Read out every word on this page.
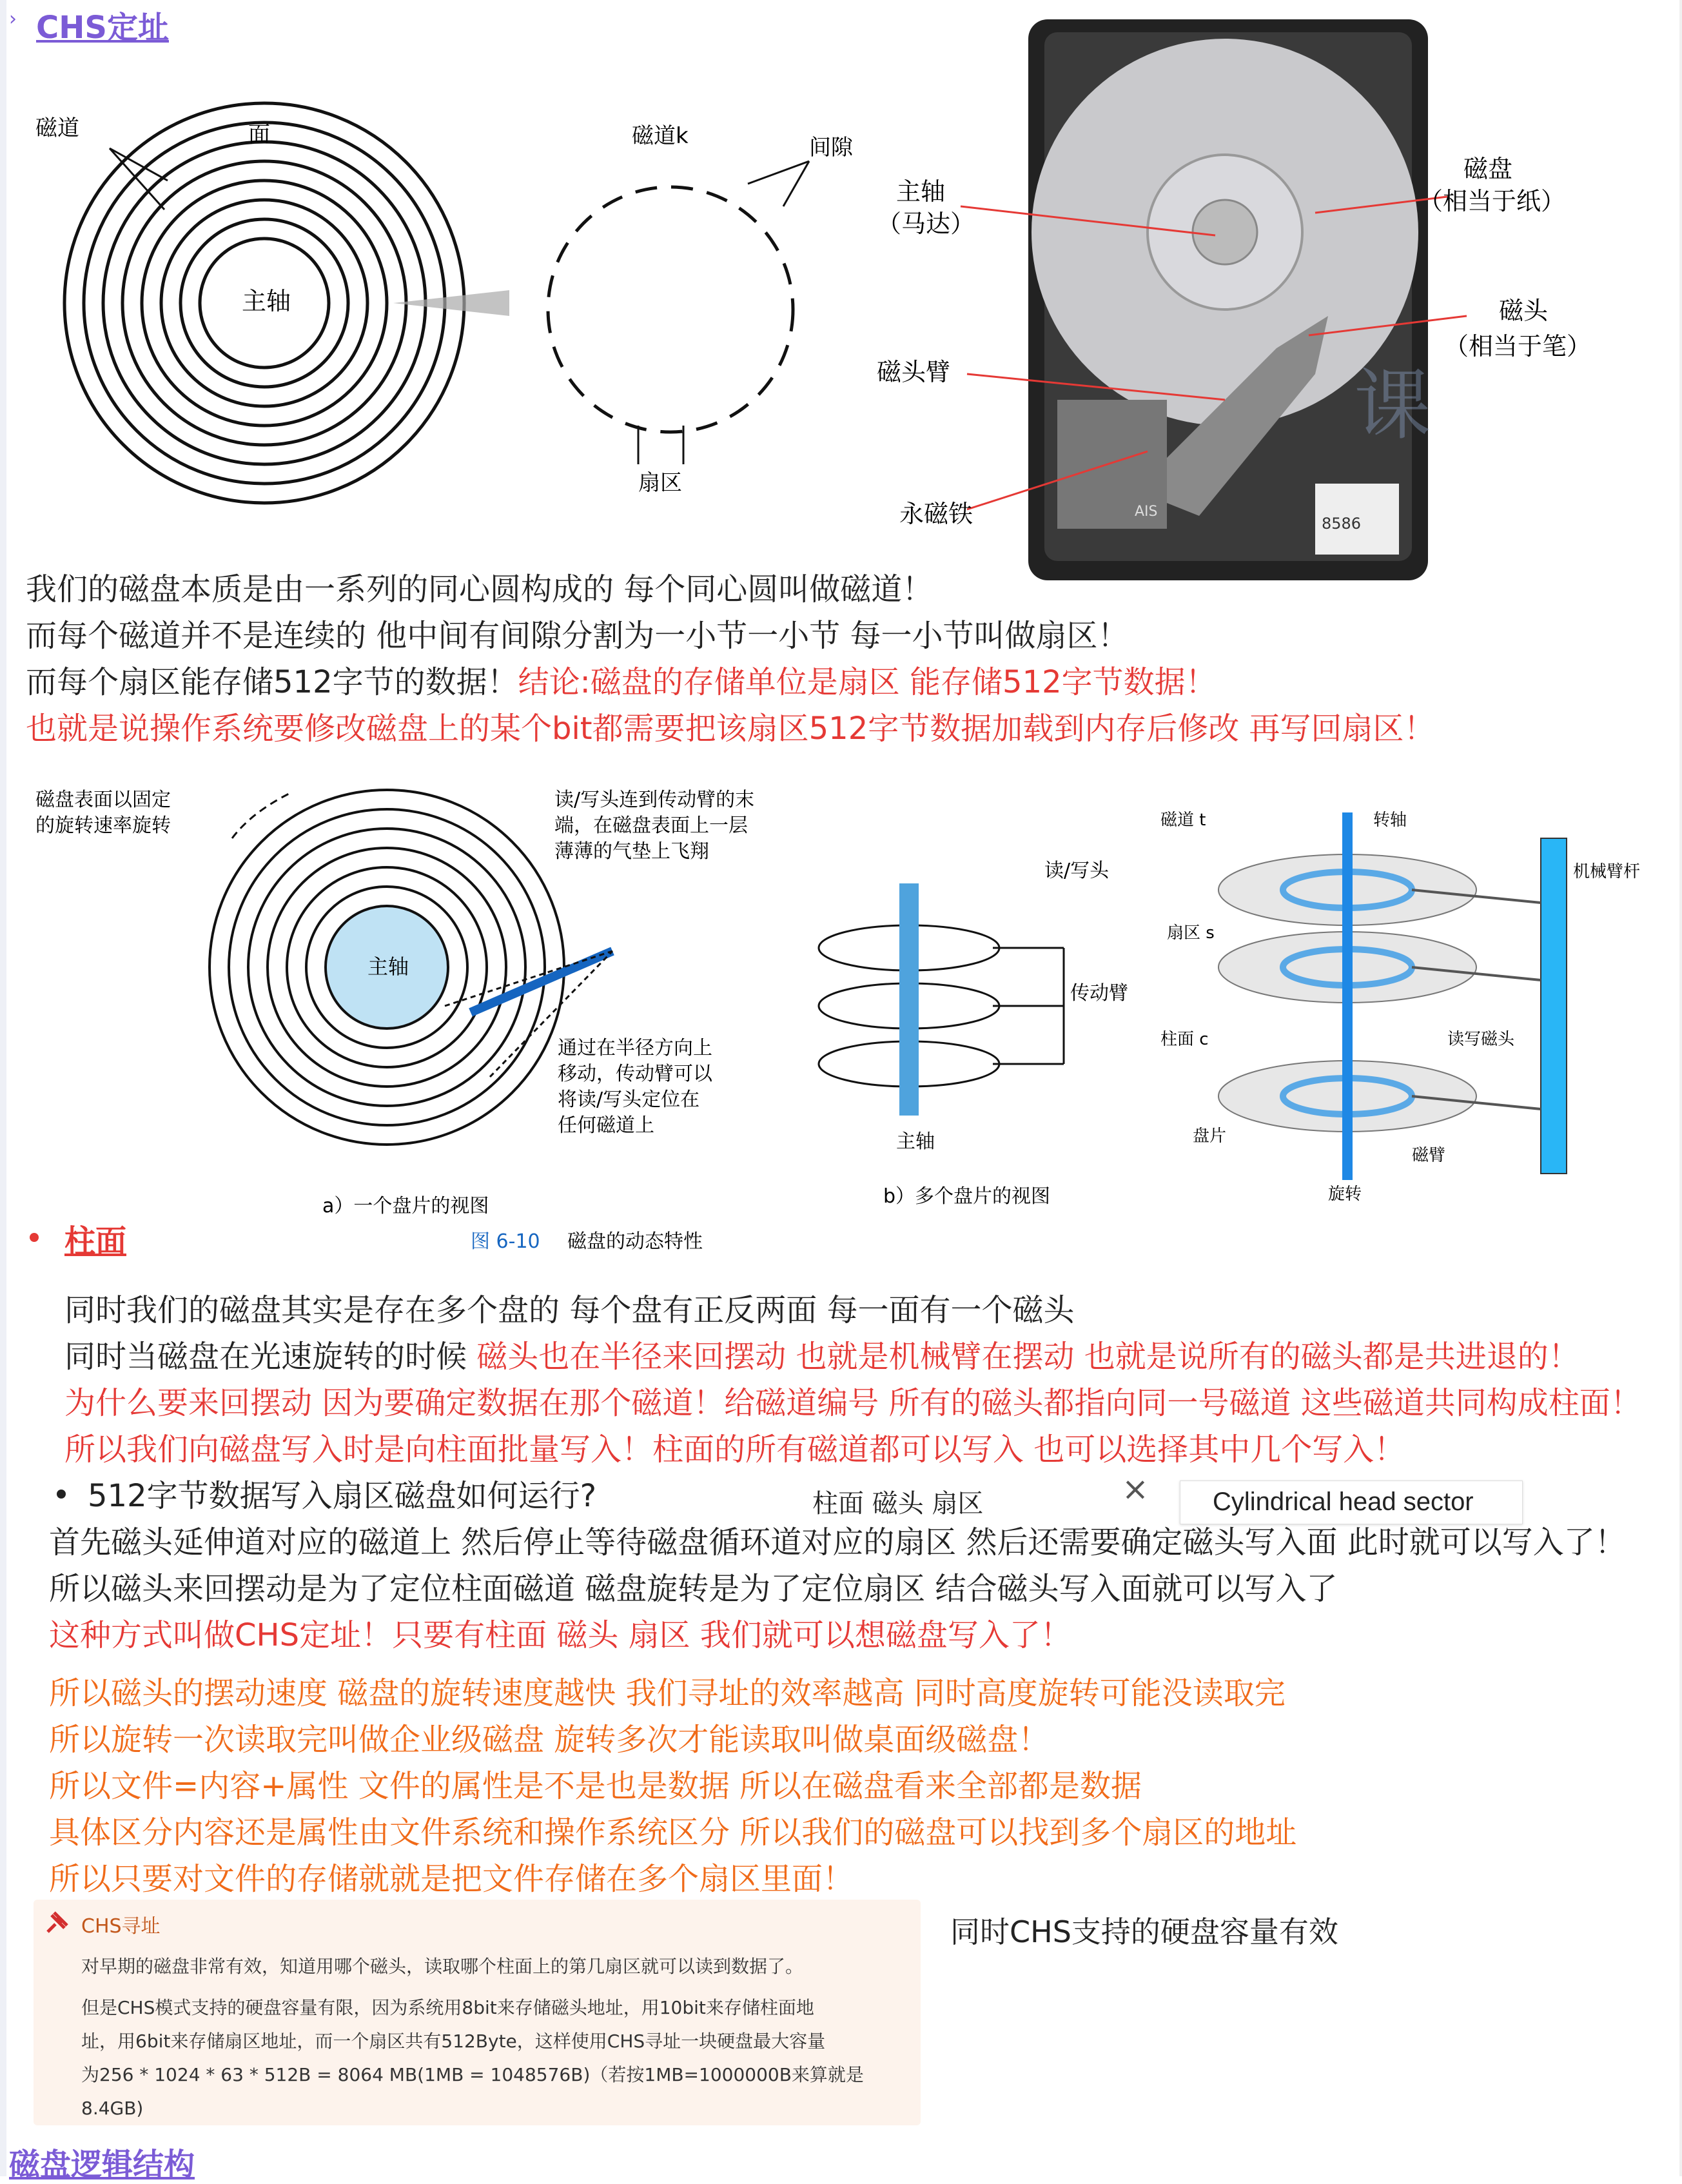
› CHS定址
磁道	面
主轴
磁道k	间隙
扇区
AIS
8586
课
主轴
（马达）
磁盘
（相当于纸）
磁头
（相当于笔）
磁头臂
永磁铁
我们的磁盘本质是由一系列的同心圆构成的 每个同心圆叫做磁道！
而每个磁道并不是连续的 他中间有间隙分割为一小节一小节 每一小节叫做扇区！
而每个扇区能存储512字节的数据！结论:磁盘的存储单位是扇区 能存储512字节数据！
也就是说操作系统要修改磁盘上的某个bit都需要把该扇区512字节数据加载到内存后修改 再写回扇区！
磁盘表面以固定
的旋转速率旋转
读/写头连到传动臂的末
端，在磁盘表面上一层
薄薄的气垫上飞翔
主轴
通过在半径方向上
移动，传动臂可以
将读/写头定位在
任何磁道上
a）一个盘片的视图
读/写头
传动臂
主轴
b）多个盘片的视图
图 6-10 磁盘的动态特性
磁道 t	转轴
机械臂杆
扇区 s
柱面 c	读写磁头
盘片
磁臂
旋转
柱面
同时我们的磁盘其实是存在多个盘的 每个盘有正反两面 每一面有一个磁头
同时当磁盘在光速旋转的时候 磁头也在半径来回摆动 也就是机械臂在摆动 也就是说所有的磁头都是共进退的！
为什么要来回摆动 因为要确定数据在那个磁道！给磁道编号 所有的磁头都指向同一号磁道 这些磁道共同构成柱面！
所以我们向磁盘写入时是向柱面批量写入！柱面的所有磁道都可以写入 也可以选择其中几个写入！
512字节数据写入扇区磁盘如何运行?	柱面 磁头 扇区	× Cylindrical head sector
首先磁头延伸道对应的磁道上 然后停止等待磁盘循环道对应的扇区 然后还需要确定磁头写入面 此时就可以写入了！
所以磁头来回摆动是为了定位柱面磁道 磁盘旋转是为了定位扇区 结合磁头写入面就可以写入了
这种方式叫做CHS定址！只要有柱面 磁头 扇区 我们就可以想磁盘写入了！
所以磁头的摆动速度 磁盘的旋转速度越快 我们寻址的效率越高 同时高度旋转可能没读取完
所以旋转一次读取完叫做企业级磁盘 旋转多次才能读取叫做桌面级磁盘！
所以文件=内容+属性 文件的属性是不是也是数据 所以在磁盘看来全部都是数据
具体区分内容还是属性由文件系统和操作系统区分 所以我们的磁盘可以找到多个扇区的地址
所以只要对文件的存储就就是把文件存储在多个扇区里面！
CHS寻址
对早期的磁盘非常有效，知道用哪个磁头，读取哪个柱面上的第几扇区就可以读到数据了。
但是CHS模式支持的硬盘容量有限，因为系统用8bit来存储磁头地址，用10bit来存储柱面地
址，用6bit来存储扇区地址，而一个扇区共有512Byte，这样使用CHS寻址一块硬盘最大容量
为256 * 1024 * 63 * 512B = 8064 MB(1MB = 1048576B)（若按1MB=1000000B来算就是
8.4GB)
同时CHS支持的硬盘容量有效
磁盘逻辑结构
